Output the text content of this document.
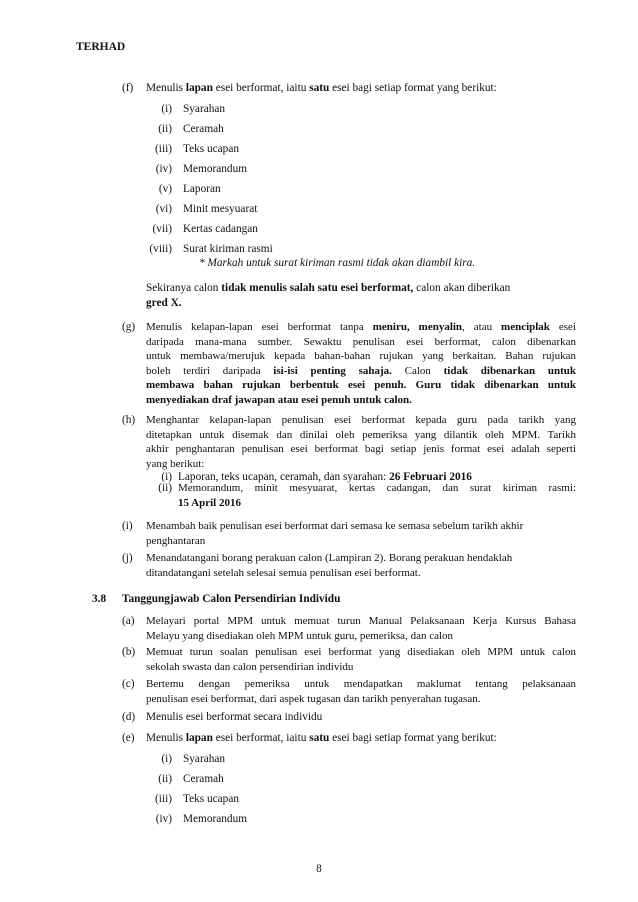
TERHAD
(f) Menulis lapan esei berformat, iaitu satu esei bagi setiap format yang berikut:
(i) Syarahan
(ii) Ceramah
(iii) Teks ucapan
(iv) Memorandum
(v) Laporan
(vi) Minit mesyuarat
(vii) Kertas cadangan
(viii) Surat kiriman rasmi
* Markah untuk surat kiriman rasmi tidak akan diambil kira.
Sekiranya calon tidak menulis salah satu esei berformat, calon akan diberikan
gred X.
(g) Menulis kelapan-lapan esei berformat tanpa meniru, menyalin, atau menciplak esei
daripada mana-mana sumber. Sewaktu penulisan esei berformat, calon dibenarkan
untuk membawa/merujuk kepada bahan-bahan rujukan yang berkaitan. Bahan rujukan
boleh terdiri daripada isi-isi penting sahaja. Calon tidak dibenarkan untuk
membawa bahan rujukan berbentuk esei penuh. Guru tidak dibenarkan untuk
menyediakan draf jawapan atau esei penuh untuk calon.
(h) Menghantar kelapan-lapan penulisan esei berformat kepada guru pada tarikh yang
ditetapkan untuk disemak dan dinilai oleh pemeriksa yang dilantik oleh MPM. Tarikh
akhir penghantaran penulisan esei berformat bagi setiap jenis format esei adalah seperti
yang berikut:
(i) Laporan, teks ucapan, ceramah, dan syarahan: 26 Februari 2016
(ii) Memorandum, minit mesyuarat, kertas cadangan, dan surat kiriman rasmi:
15 April 2016
(i) Menambah baik penulisan esei berformat dari semasa ke semasa sebelum tarikh akhir
penghantaran
(j) Menandatangani borang perakuan calon (Lampiran 2). Borang perakuan hendaklah
ditandatangani setelah selesai semua penulisan esei berformat.
3.8 Tanggungjawab Calon Persendirian Individu
(a) Melayari portal MPM untuk memuat turun Manual Pelaksanaan Kerja Kursus Bahasa
Melayu yang disediakan oleh MPM untuk guru, pemeriksa, dan calon
(b) Memuat turun soalan penulisan esei berformat yang disediakan oleh MPM untuk calon
sekolah swasta dan calon persendirian individu
(c) Bertemu dengan pemeriksa untuk mendapatkan maklumat tentang pelaksanaan
penulisan esei berformat, dari aspek tugasan dan tarikh penyerahan tugasan.
(d) Menulis esei berformat secara individu
(e) Menulis lapan esei berformat, iaitu satu esei bagi setiap format yang berikut:
(i) Syarahan
(ii) Ceramah
(iii) Teks ucapan
(iv) Memorandum
8
